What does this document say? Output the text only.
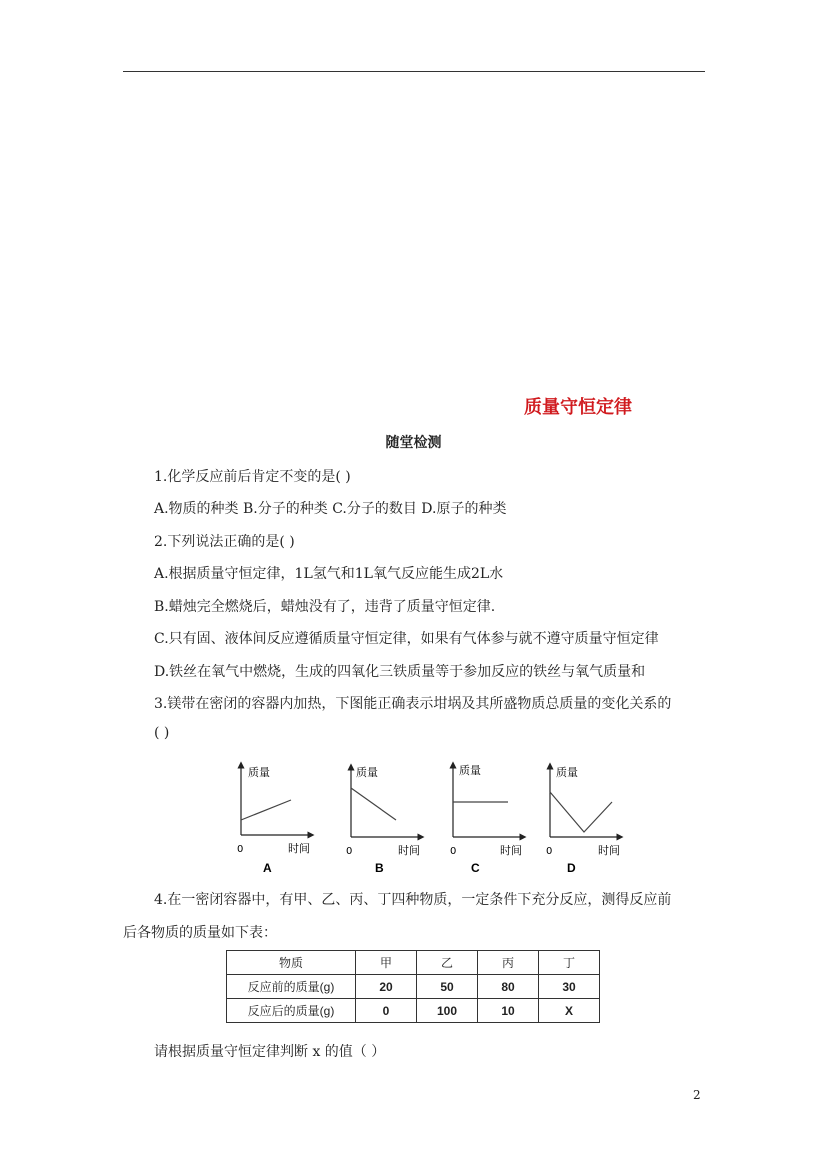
质量守恒定律
随堂检测
1.化学反应前后肯定不变的是( )
A.物质的种类 B.分子的种类 C.分子的数目 D.原子的种类
2.下列说法正确的是( )
A.根据质量守恒定律，1L氢气和1L氧气反应能生成2L水
B.蜡烛完全燃烧后，蜡烛没有了，违背了质量守恒定律.
C.只有固、液体间反应遵循质量守恒定律，如果有气体参与就不遵守质量守恒定律
D.铁丝在氧气中燃烧，生成的四氧化三铁质量等于参加反应的铁丝与氧气质量和
3.镁带在密闭的容器内加热，下图能正确表示坩埚及其所盛物质总质量的变化关系的
( )
质量
0	时间
A
质量
0	时间
B
质量
0	时间
C
质量
0	时间
D
4.在一密闭容器中，有甲、乙、丙、丁四种物质，一定条件下充分反应，测得反应前
后各物质的质量如下表：
物质	甲	乙	丙	丁
反应前的质量(g)	20	50	80	30
反应后的质量(g)	0	100	10	X
请根据质量守恒定律判断 x 的值（ ）
2
